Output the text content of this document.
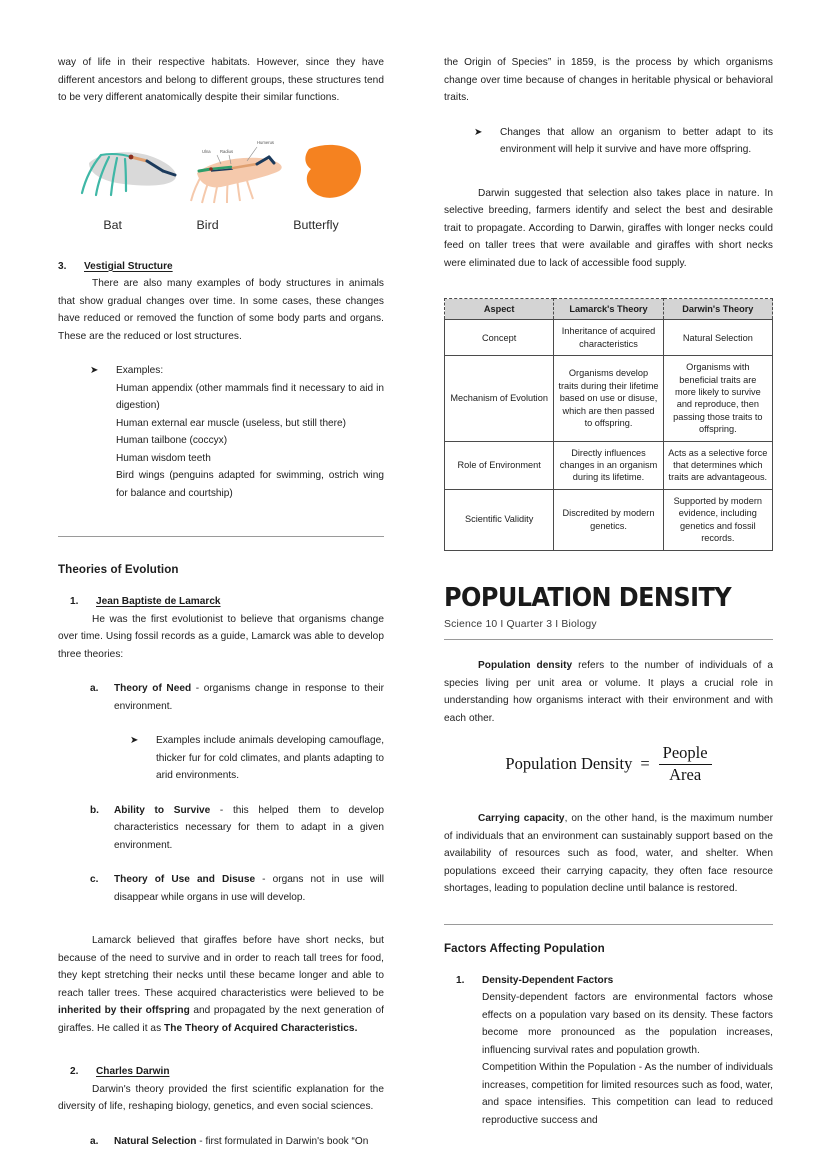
way of life in their respective habitats. However, since they have different ancestors and belong to different groups, these structures tend to be very different anatomically despite their similar functions.

Humerus
Ulna Radius
Bat	Bird	Butterfly
3.	Vestigial Structure

There are also many examples of body structures in animals that show gradual changes over time. In some cases, these changes have reduced or removed the function of some body parts and organs. These are the reduced or lost structures.

➤	Examples:
Human appendix (other mammals find it necessary to aid in digestion)
Human external ear muscle (useless, but still there)
Human tailbone (coccyx)
Human wisdom teeth
Bird wings (penguins adapted for swimming, ostrich wing for balance and courtship)
Theories of Evolution
1.	Jean Baptiste de Lamarck

He was the first evolutionist to believe that organisms change over time. Using fossil records as a guide, Lamarck was able to develop three theories:

a.	Theory of Need - organisms change in response to their environment.
➤	Examples include animals developing camouflage, thicker fur for cold climates, and plants adapting to arid environments.
b.	Ability to Survive - this helped them to develop characteristics necessary for them to adapt in a given environment.
c.	Theory of Use and Disuse - organs not in use will disappear while organs in use will develop.

Lamarck believed that giraffes before have short necks, but because of the need to survive and in order to reach tall trees for food, they kept stretching their necks until these became longer and able to reach taller trees. These acquired characteristics were believed to be inherited by their offspring and propagated by the next generation of giraffes. He called it as The Theory of Acquired Characteristics.

2.	Charles Darwin

Darwin's theory provided the first scientific explanation for the diversity of life, reshaping biology, genetics, and even social sciences.

a.	Natural Selection - first formulated in Darwin's book “On

the Origin of Species” in 1859, is the process by which organisms change over time because of changes in heritable physical or behavioral traits.

➤	Changes that allow an organism to better adapt to its environment will help it survive and have more offspring.

Darwin suggested that selection also takes place in nature. In selective breeding, farmers identify and select the best and desirable trait to propagate. According to Darwin, giraffes with longer necks could feed on taller trees that were available and giraffes with short necks were eliminated due to lack of accessible food supply.

Aspect	Lamarck's Theory	Darwin's Theory
Concept	Inheritance of acquired characteristics	Natural Selection
Mechanism of Evolution	Organisms develop traits during their lifetime based on use or disuse, which are then passed to offspring.	Organisms with beneficial traits are more likely to survive and reproduce, then passing those traits to offspring.
Role of Environment	Directly influences changes in an organism during its lifetime.	Acts as a selective force that determines which traits are advantageous.
Scientific Validity	Discredited by modern genetics.	Supported by modern evidence, including genetics and fossil records.
POPULATION DENSITY
Science 10 I Quarter 3 I Biology

Population density refers to the number of individuals of a species living per unit area or volume. It plays a crucial role in understanding how organisms interact with their environment and with each other.

Population Density = $\frac{\text{People}}{\text{Area}}$

Carrying capacity, on the other hand, is the maximum number of individuals that an environment can sustainably support based on the availability of resources such as food, water, and shelter. When populations exceed their carrying capacity, they often face resource shortages, leading to population decline until balance is restored.

Factors Affecting Population
1.	Density-Dependent Factors

Density-dependent factors are environmental factors whose effects on a population vary based on its density. These factors become more pronounced as the population increases, influencing survival rates and population growth.

Competition Within the Population - As the number of individuals increases, competition for limited resources such as food, water, and space intensifies. This competition can lead to reduced reproductive success and
